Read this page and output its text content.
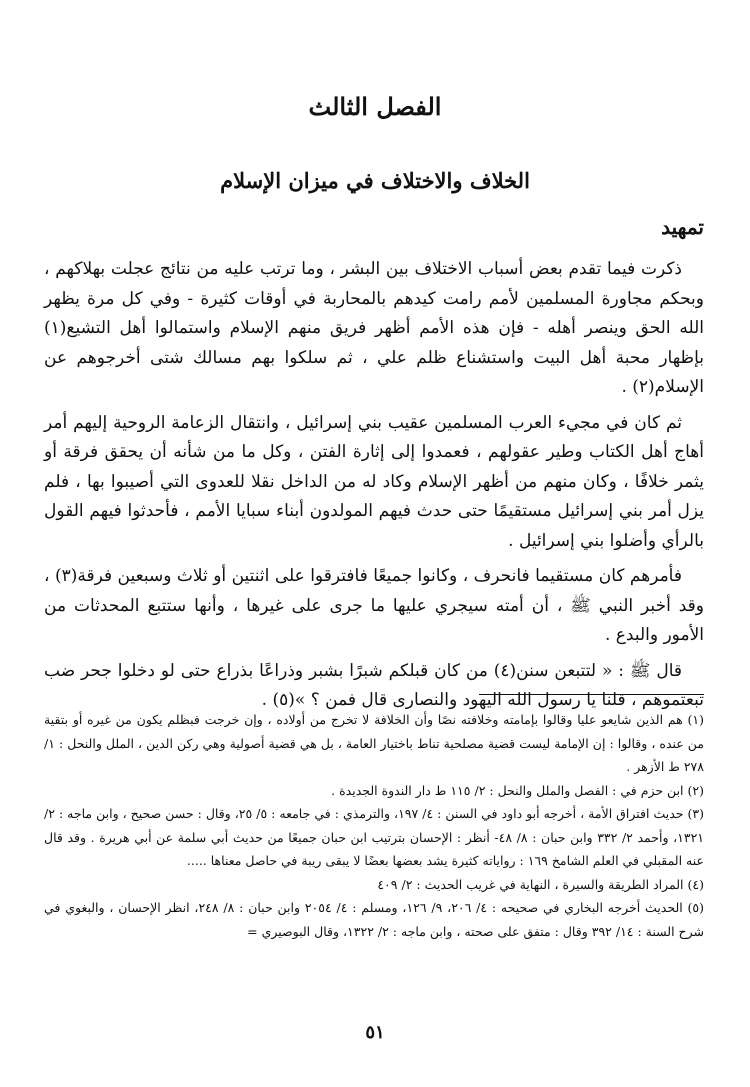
الفصل الثالث
الخلاف والاختلاف في ميزان الإسلام
تمهيد

ذكرت فيما تقدم بعض أسباب الاختلاف بين البشر ، وما ترتب عليه من نتائج عجلت بهلاكهم ، وبحكم مجاورة المسلمين لأمم رامت كيدهم بالمحاربة في أوقات كثيرة - وفي كل مرة يظهر الله الحق وينصر أهله - فإن هذه الأمم أظهر فريق منهم الإسلام واستمالوا أهل التشيع(١) بإظهار محبة أهل البيت واستشناع ظلم علي ، ثم سلكوا بهم مسالك شتى أخرجوهم عن الإسلام(٢) .

ثم كان في مجيء العرب المسلمين عقيب بني إسرائيل ، وانتقال الزعامة الروحية إليهم أمر أهاج أهل الكتاب وطير عقولهم ، فعمدوا إلى إثارة الفتن ، وكل ما من شأنه أن يحقق فرقة أو يثمر خلافًا ، وكان منهم من أظهر الإسلام وكاد له من الداخل نقلا للعدوى التي أصيبوا بها ، فلم يزل أمر بني إسرائيل مستقيمًا حتى حدث فيهم المولدون أبناء سبايا الأمم ، فأحدثوا فيهم القول بالرأي وأضلوا بني إسرائيل .

فأمرهم كان مستقيما فانحرف ، وكانوا جميعًا فافترقوا على اثنتين أو ثلاث وسبعين فرقة(٣) ، وقد أخبر النبي ﷺ ، أن أمته سيجري عليها ما جرى على غيرها ، وأنها ستتبع المحدثات من الأمور والبدع .

قال ﷺ : « لتتبعن سنن(٤) من كان قبلكم شبرًا بشبر وذراعًا بذراع حتى لو دخلوا جحر ضب تبعتموهم ، قلنا يا رسول الله اليهود والنصارى قال فمن ؟ »(٥) .

(١) هم الذين شايعو عليا وقالوا بإمامته وخلافته نصًا وأن الخلافة لا تخرج من أولاده ، وإن خرجت فبظلم يكون من غيره أو بتقية من عنده ، وقالوا : إن الإمامة ليست قضية مصلحية تناط باختيار العامة ، بل هي قضية أصولية وهي ركن الدين ، الملل والنحل : ١/ ٢٧٨ ط الأزهر .

(٢) ابن حزم في : الفصل والملل والنحل : ٢/ ١١٥ ط دار الندوة الجديدة .

(٣) حديث افتراق الأمة ، أخرجه أبو داود في السنن : ٤/ ١٩٧، والترمذي : في جامعه : ٥/ ٢٥، وقال : حسن صحيح ، وابن ماجه : ٢/ ١٣٢١، وأحمد ٢/ ٣٣٢ وابن حبان : ٨/ ٤٨- أنظر : الإحسان بترتيب ابن حبان جميعًا من حديث أبي سلمة عن أبي هريرة . وقد قال عنه المقبلي في العلم الشامخ ١٦٩ : رواياته كثيرة يشد بعضها بعضًا لا يبقى ريبة في حاصل معناها .....

(٤) المراد الطريقة والسيرة ، النهاية في غريب الحديث : ٢/ ٤٠٩

(٥) الحديث أخرجه البخاري في صحيحه : ٤/ ٢٠٦، ٩/ ١٢٦، ومسلم : ٤/ ٢٠٥٤ وابن حبان : ٨/ ٢٤٨، انظر الإحسان ، والبغوي في شرح السنة : ١٤/ ٣٩٢ وقال : متفق على صحته ، وابن ماجه : ٢/ ١٣٢٢، وقال البوصيري =

٥١
